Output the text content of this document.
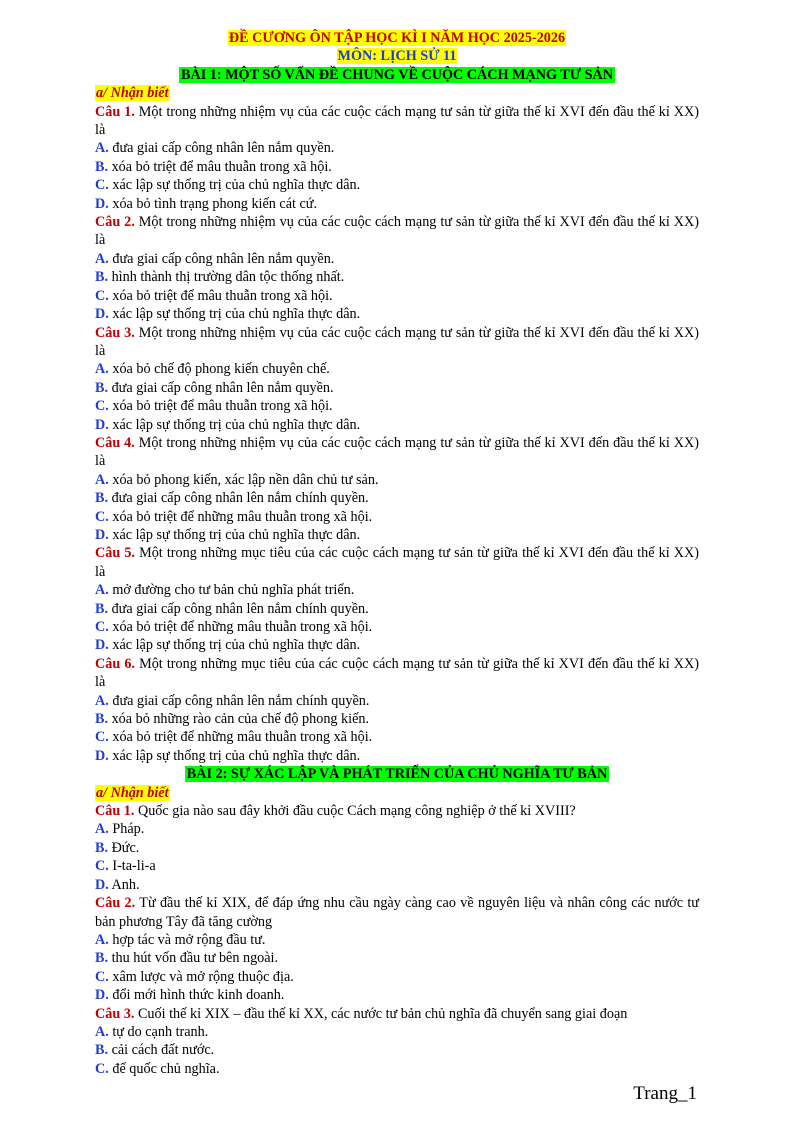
ĐỀ CƯƠNG ÔN TẬP HỌC KÌ I NĂM HỌC 2025-2026
MÔN: LỊCH SỬ 11
BÀI 1: MỘT SỐ VẤN ĐỀ CHUNG VỀ CUỘC CÁCH MẠNG TƯ SẢN
a/ Nhận biết
Câu 1. Một trong những nhiệm vụ của các cuộc cách mạng tư sản từ giữa thế kỉ XVI đến đầu thế kỉ XX) là
A. đưa giai cấp công nhân lên nắm quyền.
B. xóa bỏ triệt để mâu thuẫn trong xã hội.
C. xác lập sự thống trị của chủ nghĩa thực dân.
D. xóa bỏ tình trạng phong kiến cát cứ.
Câu 2. Một trong những nhiệm vụ của các cuộc cách mạng tư sản từ giữa thế kỉ XVI đến đầu thế kỉ XX) là
A. đưa giai cấp công nhân lên nắm quyền.
B. hình thành thị trường dân tộc thống nhất.
C. xóa bỏ triệt để mâu thuẫn trong xã hội.
D. xác lập sự thống trị của chủ nghĩa thực dân.
Câu 3. Một trong những nhiệm vụ của các cuộc cách mạng tư sản từ giữa thế kỉ XVI đến đầu thế kỉ XX) là
A. xóa bỏ chế độ phong kiến chuyên chế.
B. đưa giai cấp công nhân lên nắm quyền.
C. xóa bỏ triệt để mâu thuẫn trong xã hội.
D. xác lập sự thống trị của chủ nghĩa thực dân.
Câu 4. Một trong những nhiệm vụ của các cuộc cách mạng tư sản từ giữa thế kỉ XVI đến đầu thế kỉ XX) là
A. xóa bỏ phong kiến, xác lập nền dân chủ tư sản.
B. đưa giai cấp công nhân lên nắm chính quyền.
C. xóa bỏ triệt để những mâu thuẫn trong xã hội.
D. xác lập sự thống trị của chủ nghĩa thực dân.
Câu 5. Một trong những mục tiêu của các cuộc cách mạng tư sản từ giữa thế kỉ XVI đến đầu thế kỉ XX) là
A. mở đường cho tư bản chủ nghĩa phát triển.
B. đưa giai cấp công nhân lên nắm chính quyền.
C. xóa bỏ triệt để những mâu thuẫn trong xã hội.
D. xác lập sự thống trị của chủ nghĩa thực dân.
Câu 6. Một trong những mục tiêu của các cuộc cách mạng tư sản từ giữa thế kỉ XVI đến đầu thế kỉ XX) là
A. đưa giai cấp công nhân lên nắm chính quyền.
B. xóa bỏ những rào cản của chế độ phong kiến.
C. xóa bỏ triệt để những mâu thuẫn trong xã hội.
D. xác lập sự thống trị của chủ nghĩa thực dân.
BÀI 2: SỰ XÁC LẬP VÀ PHÁT TRIỂN CỦA CHỦ NGHĨA TƯ BẢN
a/ Nhận biết
Câu 1. Quốc gia nào sau đây khởi đầu cuộc Cách mạng công nghiệp ở thế kỉ XVIII?
A. Pháp.
B. Đức.
C. I-ta-li-a
D. Anh.
Câu 2. Từ đầu thế kỉ XIX, để đáp ứng nhu cầu ngày càng cao về nguyên liệu và nhân công các nước tư bản phương Tây đã tăng cường
A. hợp tác và mở rộng đầu tư.
B. thu hút vốn đầu tư bên ngoài.
C. xâm lược và mở rộng thuộc địa.
D. đổi mới hình thức kinh doanh.
Câu 3. Cuối thế kỉ XIX – đầu thế kỉ XX, các nước tư bản chủ nghĩa đã chuyển sang giai đoạn
A. tự do cạnh tranh.
B. cải cách đất nước.
C. đế quốc chủ nghĩa.
Trang_1
